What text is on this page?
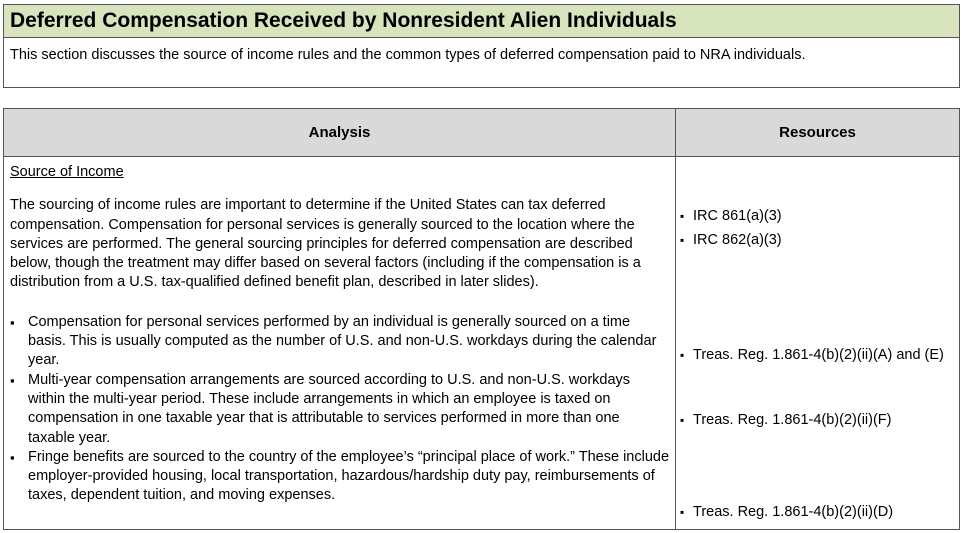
Deferred Compensation Received by Nonresident Alien Individuals
This section discusses the source of income rules and the common types of deferred compensation paid to NRA individuals.
Analysis	Resources
Source of Income
The sourcing of income rules are important to determine if the United States can tax deferred compensation. Compensation for personal services is generally sourced to the location where the services are performed. The general sourcing principles for deferred compensation are described below, though the treatment may differ based on several factors (including if the compensation is a distribution from a U.S. tax-qualified defined benefit plan, described in later slides).
▪ Compensation for personal services performed by an individual is generally sourced on a time basis. This is usually computed as the number of U.S. and non-U.S. workdays during the calendar year.
▪ Multi-year compensation arrangements are sourced according to U.S. and non-U.S. workdays within the multi-year period. These include arrangements in which an employee is taxed on compensation in one taxable year that is attributable to services performed in more than one taxable year.
▪ Fringe benefits are sourced to the country of the employee’s “principal place of work.” These include employer-provided housing, local transportation, hazardous/hardship duty pay, reimbursements of taxes, dependent tuition, and moving expenses.
▪ IRC 861(a)(3)
▪ IRC 862(a)(3)
▪ Treas. Reg. 1.861-4(b)(2)(ii)(A) and (E)
▪ Treas. Reg. 1.861-4(b)(2)(ii)(F)
▪ Treas. Reg. 1.861-4(b)(2)(ii)(D)
